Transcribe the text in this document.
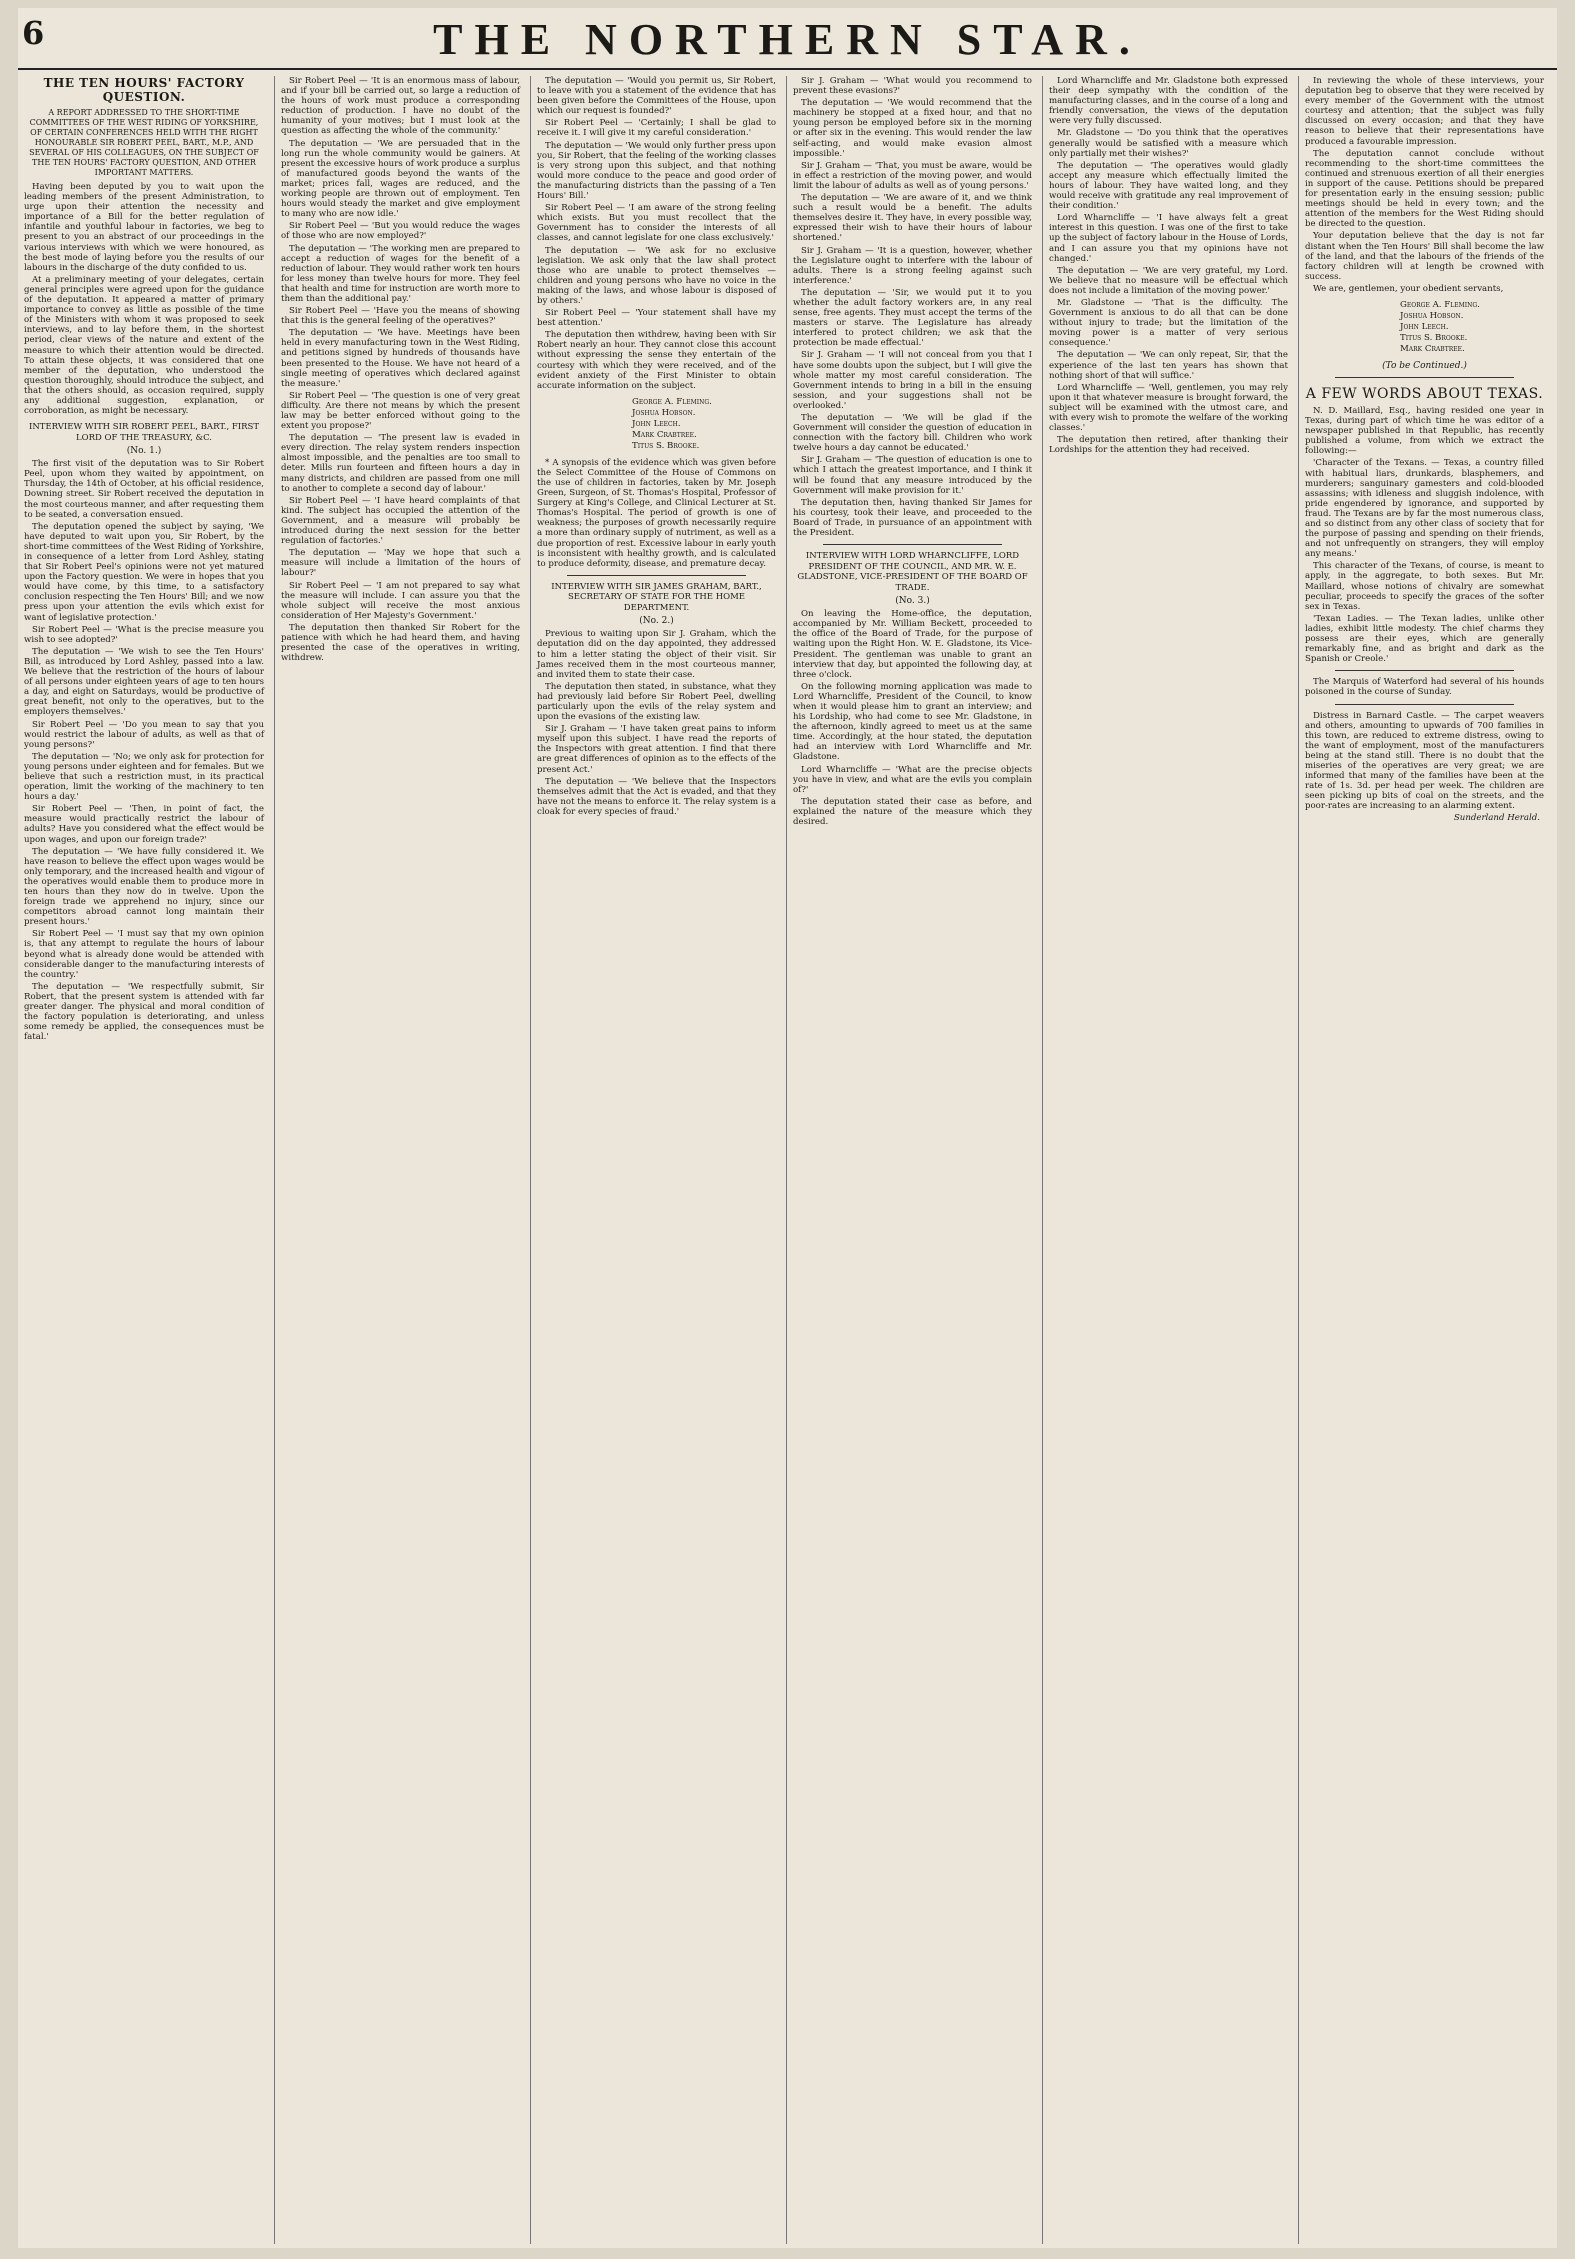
6	THE NORTHERN STAR.
THE TEN HOURS' FACTORY QUESTION.
A REPORT ADDRESSED TO THE SHORT-TIME COMMITTEES OF THE WEST RIDING OF YORKSHIRE, OF CERTAIN CONFERENCES HELD WITH THE RIGHT HONOURABLE SIR ROBERT PEEL, BART., M.P., AND SEVERAL OF HIS COLLEAGUES, ON THE SUBJECT OF THE TEN HOURS' FACTORY QUESTION, AND OTHER IMPORTANT MATTERS.

Having been deputed by you to wait upon the leading members of the present Administration, to urge upon their attention the necessity and importance of a Bill for the better regulation of infantile and youthful labour in factories, we beg to present to you an abstract of our proceedings in the various interviews with which we were honoured, as the best mode of laying before you the results of our labours in the discharge of the duty confided to us.

At a preliminary meeting of your delegates, certain general principles were agreed upon for the guidance of the deputation. It appeared a matter of primary importance to convey as little as possible of the time of the Ministers with whom it was proposed to seek interviews, and to lay before them, in the shortest period, clear views of the nature and extent of the measure to which their attention would be directed. To attain these objects, it was considered that one member of the deputation, who understood the question thoroughly, should introduce the subject, and that the others should, as occasion required, supply any additional suggestion, explanation, or corroboration, as might be necessary.

INTERVIEW WITH SIR ROBERT PEEL, BART., FIRST LORD OF THE TREASURY, &C.
(No. 1.)

The first visit of the deputation was to Sir Robert Peel, upon whom they waited by appointment, on Thursday, the 14th of October, at his official residence, Downing street. Sir Robert received the deputation in the most courteous manner, and after requesting them to be seated, a conversation ensued.

The deputation opened the subject by saying, 'We have deputed to wait upon you, Sir Robert, by the short-time committees of the West Riding of Yorkshire, in consequence of a letter from Lord Ashley, stating that Sir Robert Peel's opinions were not yet matured upon the Factory question. We were in hopes that you would have come, by this time, to a satisfactory conclusion respecting the Ten Hours' Bill; and we now press upon your attention the evils which exist for want of legislative protection.'

Sir Robert Peel — 'What is the precise measure you wish to see adopted?'

The deputation — 'We wish to see the Ten Hours' Bill, as introduced by Lord Ashley, passed into a law. We believe that the restriction of the hours of labour of all persons under eighteen years of age to ten hours a day, and eight on Saturdays, would be productive of great benefit, not only to the operatives, but to the employers themselves.'

Sir Robert Peel — 'Do you mean to say that you would restrict the labour of adults, as well as that of young persons?'

The deputation — 'No; we only ask for protection for young persons under eighteen and for females. But we believe that such a restriction must, in its practical operation, limit the working of the machinery to ten hours a day.'

Sir Robert Peel — 'Then, in point of fact, the measure would practically restrict the labour of adults? Have you considered what the effect would be upon wages, and upon our foreign trade?'

The deputation — 'We have fully considered it. We have reason to believe the effect upon wages would be only temporary, and the increased health and vigour of the operatives would enable them to produce more in ten hours than they now do in twelve. Upon the foreign trade we apprehend no injury, since our competitors abroad cannot long maintain their present hours.'

Sir Robert Peel — 'I must say that my own opinion is, that any attempt to regulate the hours of labour beyond what is already done would be attended with considerable danger to the manufacturing interests of the country.'

The deputation — 'We respectfully submit, Sir Robert, that the present system is attended with far greater danger. The physical and moral condition of the factory population is deteriorating, and unless some remedy be applied, the consequences must be fatal.'

Sir Robert Peel — 'It is an enormous mass of labour, and if your bill be carried out, so large a reduction of the hours of work must produce a corresponding reduction of production. I have no doubt of the humanity of your motives; but I must look at the question as affecting the whole of the community.'

The deputation — 'We are persuaded that in the long run the whole community would be gainers. At present the excessive hours of work produce a surplus of manufactured goods beyond the wants of the market; prices fall, wages are reduced, and the working people are thrown out of employment. Ten hours would steady the market and give employment to many who are now idle.'

Sir Robert Peel — 'But you would reduce the wages of those who are now employed?'

The deputation — 'The working men are prepared to accept a reduction of wages for the benefit of a reduction of labour. They would rather work ten hours for less money than twelve hours for more. They feel that health and time for instruction are worth more to them than the additional pay.'

Sir Robert Peel — 'Have you the means of showing that this is the general feeling of the operatives?'

The deputation — 'We have. Meetings have been held in every manufacturing town in the West Riding, and petitions signed by hundreds of thousands have been presented to the House. We have not heard of a single meeting of operatives which declared against the measure.'

Sir Robert Peel — 'The question is one of very great difficulty. Are there not means by which the present law may be better enforced without going to the extent you propose?'

The deputation — 'The present law is evaded in every direction. The relay system renders inspection almost impossible, and the penalties are too small to deter. Mills run fourteen and fifteen hours a day in many districts, and children are passed from one mill to another to complete a second day of labour.'

Sir Robert Peel — 'I have heard complaints of that kind. The subject has occupied the attention of the Government, and a measure will probably be introduced during the next session for the better regulation of factories.'

The deputation — 'May we hope that such a measure will include a limitation of the hours of labour?'

Sir Robert Peel — 'I am not prepared to say what the measure will include. I can assure you that the whole subject will receive the most anxious consideration of Her Majesty's Government.'

The deputation then thanked Sir Robert for the patience with which he had heard them, and having presented the case of the operatives in writing, withdrew.

The deputation — 'Would you permit us, Sir Robert, to leave with you a statement of the evidence that has been given before the Committees of the House, upon which our request is founded?'

Sir Robert Peel — 'Certainly; I shall be glad to receive it. I will give it my careful consideration.'

The deputation — 'We would only further press upon you, Sir Robert, that the feeling of the working classes is very strong upon this subject, and that nothing would more conduce to the peace and good order of the manufacturing districts than the passing of a Ten Hours' Bill.'

Sir Robert Peel — 'I am aware of the strong feeling which exists. But you must recollect that the Government has to consider the interests of all classes, and cannot legislate for one class exclusively.'

The deputation — 'We ask for no exclusive legislation. We ask only that the law shall protect those who are unable to protect themselves — children and young persons who have no voice in the making of the laws, and whose labour is disposed of by others.'

Sir Robert Peel — 'Your statement shall have my best attention.'

The deputation then withdrew, having been with Sir Robert nearly an hour. They cannot close this account without expressing the sense they entertain of the courtesy with which they were received, and of the evident anxiety of the First Minister to obtain accurate information on the subject.

George A. Fleming.
Joshua Hobson.
John Leech.
Mark Crabtree.
Titus S. Brooke.

* A synopsis of the evidence which was given before the Select Committee of the House of Commons on the use of children in factories, taken by Mr. Joseph Green, Surgeon, of St. Thomas's Hospital, Professor of Surgery at King's College, and Clinical Lecturer at St. Thomas's Hospital. The period of growth is one of weakness; the purposes of growth necessarily require a more than ordinary supply of nutriment, as well as a due proportion of rest. Excessive labour in early youth is inconsistent with healthy growth, and is calculated to produce deformity, disease, and premature decay.

INTERVIEW WITH SIR JAMES GRAHAM, BART., SECRETARY OF STATE FOR THE HOME DEPARTMENT.
(No. 2.)

Previous to waiting upon Sir J. Graham, which the deputation did on the day appointed, they addressed to him a letter stating the object of their visit. Sir James received them in the most courteous manner, and invited them to state their case.

The deputation then stated, in substance, what they had previously laid before Sir Robert Peel, dwelling particularly upon the evils of the relay system and upon the evasions of the existing law.

Sir J. Graham — 'I have taken great pains to inform myself upon this subject. I have read the reports of the Inspectors with great attention. I find that there are great differences of opinion as to the effects of the present Act.'

The deputation — 'We believe that the Inspectors themselves admit that the Act is evaded, and that they have not the means to enforce it. The relay system is a cloak for every species of fraud.'

Sir J. Graham — 'What would you recommend to prevent these evasions?'

The deputation — 'We would recommend that the machinery be stopped at a fixed hour, and that no young person be employed before six in the morning or after six in the evening. This would render the law self-acting, and would make evasion almost impossible.'

Sir J. Graham — 'That, you must be aware, would be in effect a restriction of the moving power, and would limit the labour of adults as well as of young persons.'

The deputation — 'We are aware of it, and we think such a result would be a benefit. The adults themselves desire it. They have, in every possible way, expressed their wish to have their hours of labour shortened.'

Sir J. Graham — 'It is a question, however, whether the Legislature ought to interfere with the labour of adults. There is a strong feeling against such interference.'

The deputation — 'Sir, we would put it to you whether the adult factory workers are, in any real sense, free agents. They must accept the terms of the masters or starve. The Legislature has already interfered to protect children; we ask that the protection be made effectual.'

Sir J. Graham — 'I will not conceal from you that I have some doubts upon the subject, but I will give the whole matter my most careful consideration. The Government intends to bring in a bill in the ensuing session, and your suggestions shall not be overlooked.'

The deputation — 'We will be glad if the Government will consider the question of education in connection with the factory bill. Children who work twelve hours a day cannot be educated.'

Sir J. Graham — 'The question of education is one to which I attach the greatest importance, and I think it will be found that any measure introduced by the Government will make provision for it.'

The deputation then, having thanked Sir James for his courtesy, took their leave, and proceeded to the Board of Trade, in pursuance of an appointment with the President.

INTERVIEW WITH LORD WHARNCLIFFE, LORD PRESIDENT OF THE COUNCIL, AND MR. W. E. GLADSTONE, VICE-PRESIDENT OF THE BOARD OF TRADE.
(No. 3.)

On leaving the Home-office, the deputation, accompanied by Mr. William Beckett, proceeded to the office of the Board of Trade, for the purpose of waiting upon the Right Hon. W. E. Gladstone, its Vice-President. The gentleman was unable to grant an interview that day, but appointed the following day, at three o'clock.

On the following morning application was made to Lord Wharncliffe, President of the Council, to know when it would please him to grant an interview; and his Lordship, who had come to see Mr. Gladstone, in the afternoon, kindly agreed to meet us at the same time. Accordingly, at the hour stated, the deputation had an interview with Lord Wharncliffe and Mr. Gladstone.

Lord Wharncliffe — 'What are the precise objects you have in view, and what are the evils you complain of?'

The deputation stated their case as before, and explained the nature of the measure which they desired.

Lord Wharncliffe and Mr. Gladstone both expressed their deep sympathy with the condition of the manufacturing classes, and in the course of a long and friendly conversation, the views of the deputation were very fully discussed.

Mr. Gladstone — 'Do you think that the operatives generally would be satisfied with a measure which only partially met their wishes?'

The deputation — 'The operatives would gladly accept any measure which effectually limited the hours of labour. They have waited long, and they would receive with gratitude any real improvement of their condition.'

Lord Wharncliffe — 'I have always felt a great interest in this question. I was one of the first to take up the subject of factory labour in the House of Lords, and I can assure you that my opinions have not changed.'

The deputation — 'We are very grateful, my Lord. We believe that no measure will be effectual which does not include a limitation of the moving power.'

Mr. Gladstone — 'That is the difficulty. The Government is anxious to do all that can be done without injury to trade; but the limitation of the moving power is a matter of very serious consequence.'

The deputation — 'We can only repeat, Sir, that the experience of the last ten years has shown that nothing short of that will suffice.'

Lord Wharncliffe — 'Well, gentlemen, you may rely upon it that whatever measure is brought forward, the subject will be examined with the utmost care, and with every wish to promote the welfare of the working classes.'

The deputation then retired, after thanking their Lordships for the attention they had received.

In reviewing the whole of these interviews, your deputation beg to observe that they were received by every member of the Government with the utmost courtesy and attention; that the subject was fully discussed on every occasion; and that they have reason to believe that their representations have produced a favourable impression.

The deputation cannot conclude without recommending to the short-time committees the continued and strenuous exertion of all their energies in support of the cause. Petitions should be prepared for presentation early in the ensuing session; public meetings should be held in every town; and the attention of the members for the West Riding should be directed to the question.

Your deputation believe that the day is not far distant when the Ten Hours' Bill shall become the law of the land, and that the labours of the friends of the factory children will at length be crowned with success.

We are, gentlemen, your obedient servants,

George A. Fleming.
Joshua Hobson.
John Leech.
Titus S. Brooke.
Mark Crabtree.
(To be Continued.)
A FEW WORDS ABOUT TEXAS.

N. D. Maillard, Esq., having resided one year in Texas, during part of which time he was editor of a newspaper published in that Republic, has recently published a volume, from which we extract the following:—

'Character of the Texans. — Texas, a country filled with habitual liars, drunkards, blasphemers, and murderers; sanguinary gamesters and cold-blooded assassins; with idleness and sluggish indolence, with pride engendered by ignorance, and supported by fraud. The Texans are by far the most numerous class, and so distinct from any other class of society that for the purpose of passing and spending on their friends, and not unfrequently on strangers, they will employ any means.'

This character of the Texans, of course, is meant to apply, in the aggregate, to both sexes. But Mr. Maillard, whose notions of chivalry are somewhat peculiar, proceeds to specify the graces of the softer sex in Texas.

'Texan Ladies. — The Texan ladies, unlike other ladies, exhibit little modesty. The chief charms they possess are their eyes, which are generally remarkably fine, and as bright and dark as the Spanish or Creole.'

The Marquis of Waterford had several of his hounds poisoned in the course of Sunday.

Distress in Barnard Castle. — The carpet weavers and others, amounting to upwards of 700 families in this town, are reduced to extreme distress, owing to the want of employment, most of the manufacturers being at the stand still. There is no doubt that the miseries of the operatives are very great; we are informed that many of the families have been at the rate of 1s. 3d. per head per week. The children are seen picking up bits of coal on the streets, and the poor-rates are increasing to an alarming extent.

Sunderland Herald.
